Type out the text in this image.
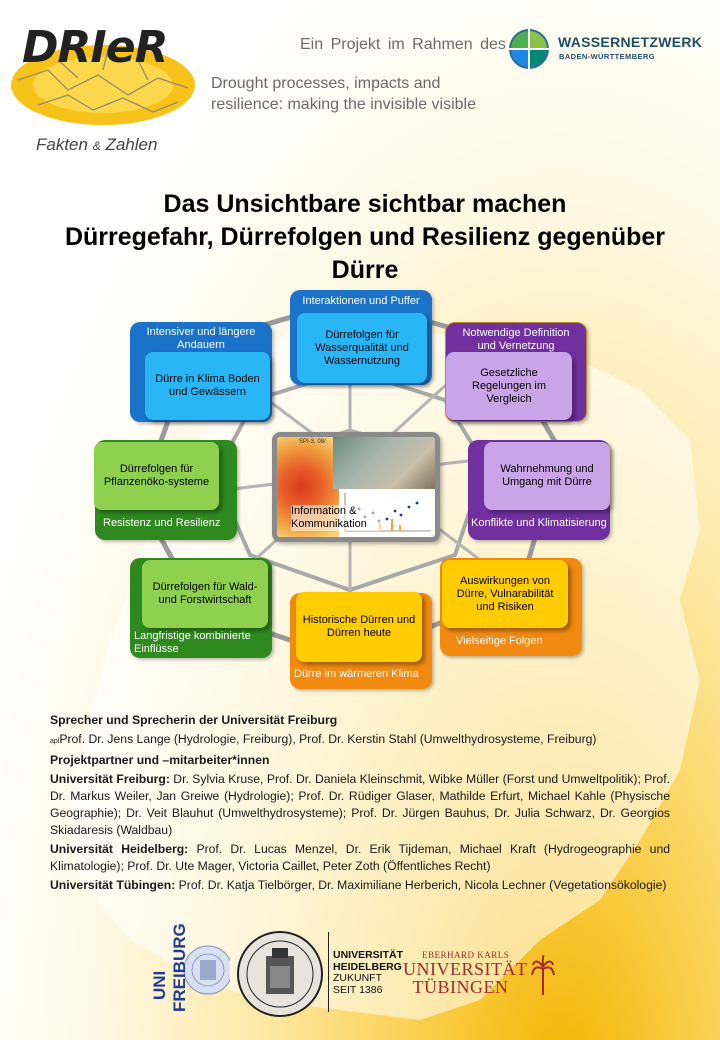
DRIeR
Fakten & Zahlen
Ein Projekt im Rahmen des	WASSERNETZWERK
BADEN-WÜRTTEMBERG
Drought processes, impacts and resilience: making the invisible visible
Das Unsichtbare sichtbar machen
Dürregefahr, Dürrefolgen und Resilienz gegenüber
Dürre
Interaktionen und Puffer
Dürrefolgen für Wasserqualität und Wassernutzung
Intensiver und längere Andauern
Dürre in Klima Boden und Gewässern
Notwendige Definition und Vernetzung
Gesetzliche Regelungen im Vergleich
Resistenz und Resilienz
Dürrefolgen für Pflanzenöko-systeme
Konflikte und Klimatisierung
Wahrnehmung und Umgang mit Dürre
Langfristige kombinierte Einflüsse
Dürrefolgen für Wald- und Forstwirtschaft
Vielseitige Folgen
Auswirkungen von Dürre, Vulnarabilität und Risiken
Dürre im wärmeren Klima
Historische Dürren und Dürren heute
SPI-3, 08/
Information & Kommunikation

Sprecher und Sprecherin der Universität Freiburg

aplProf. Dr. Jens Lange (Hydrologie, Freiburg), Prof. Dr. Kerstin Stahl (Umwelthydrosysteme, Freiburg)

Projektpartner und –mitarbeiter*innen

Universität Freiburg: Dr. Sylvia Kruse, Prof. Dr. Daniela Kleinschmit, Wibke Müller (Forst und Umweltpolitik); Prof. Dr. Markus Weiler, Jan Greiwe (Hydrologie); Prof. Dr. Rüdiger Glaser, Mathilde Erfurt, Michael Kahle (Physische Geographie); Dr. Veit Blauhut (Umwelthydrosysteme); Prof. Dr. Jürgen Bauhus, Dr. Julia Schwarz, Dr. Georgios Skiadaresis (Waldbau)

Universität Heidelberg: Prof. Dr. Lucas Menzel, Dr. Erik Tijdeman, Michael Kraft (Hydrogeographie und Klimatologie); Prof. Dr. Ute Mager, Victoria Caillet, Peter Zoth (Öffentliches Recht)

Universität Tübingen: Prof. Dr. Katja Tielbörger, Dr. Maximiliane Herberich, Nicola Lechner (Vegetationsökologie)

UNI FREIBURG	UNIVERSITÄT
HEIDELBERG
ZUKUNFT
SEIT 1386
EBERHARD KARLS
UNIVERSITÄT
TÜBINGEN
